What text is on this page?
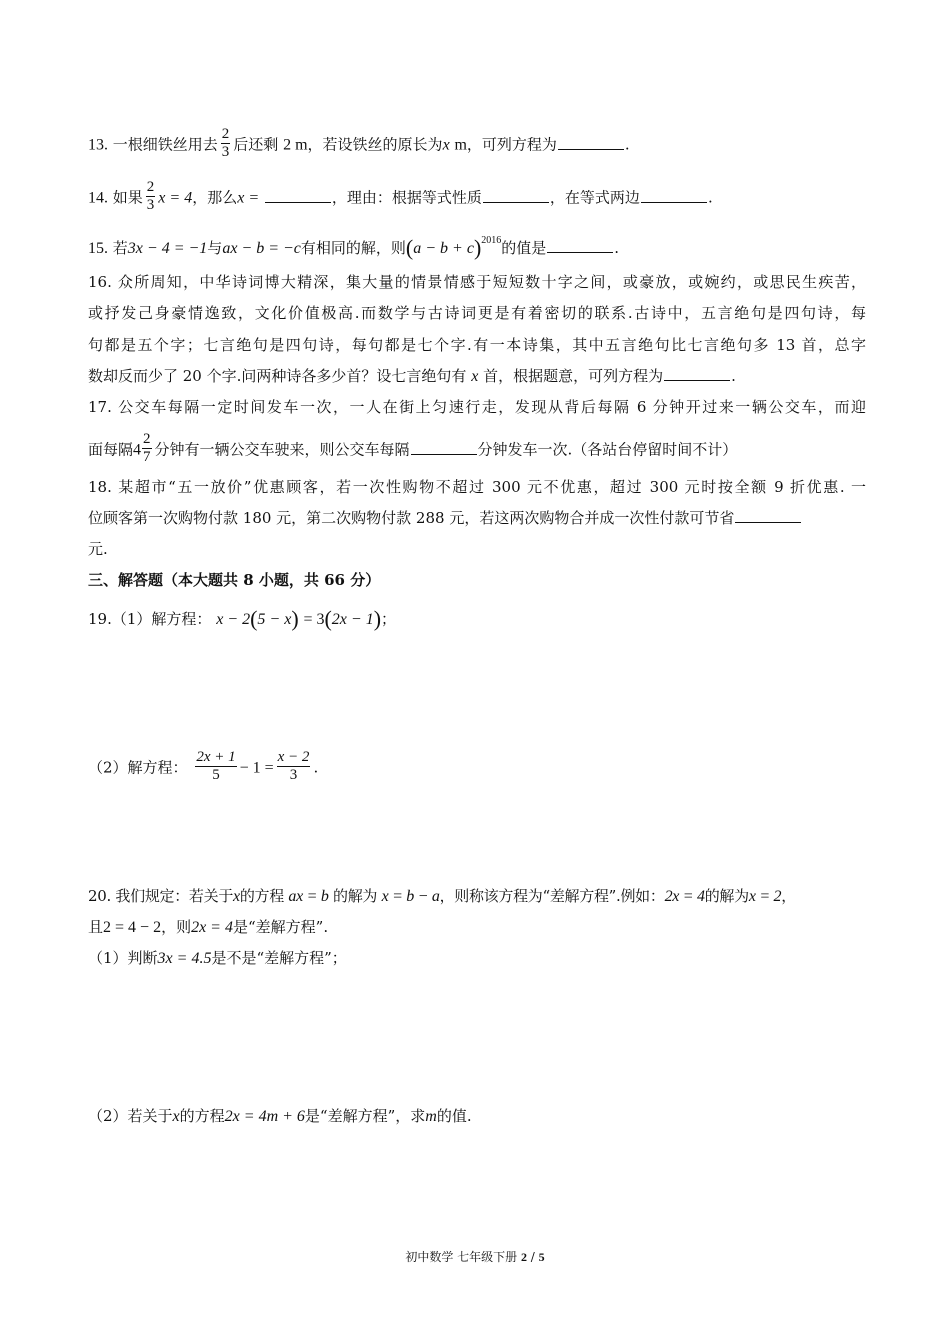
13. 一根细铁丝用去 $\frac{2}{3}$ 后还剩 2 m，若设铁丝的原长为x m，可列方程为	.
14. 如果 $\frac{2}{3}$ x = 4，那么x =	，理由：根据等式性质	，在等式两边	.
15. 若3x − 4 = −1与ax − b = −c有相同的解，则$(a - b + c)^{2016}$的值是	.
16. 众所周知，中华诗词博大精深，集大量的情景情感于短短数十字之间，或豪放，或婉约，或思民生疾苦，
或抒发己身豪情逸致，文化价值极高.而数学与古诗词更是有着密切的联系.古诗中，五言绝句是四句诗，每
句都是五个字；七言绝句是四句诗，每句都是七个字.有一本诗集，其中五言绝句比七言绝句多 13 首，总字
数却反而少了 20 个字.问两种诗各多少首？设七言绝句有 x 首，根据题意，可列方程为	.
17. 公交车每隔一定时间发车一次，一人在街上匀速行走，发现从背后每隔 6 分钟开过来一辆公交车，而迎
面每隔$4 \frac{2}{7}$ 分钟有一辆公交车驶来，则公交车每隔	分钟发车一次.（各站台停留时间不计）
18. 某超市“五一放价”优惠顾客，若一次性购物不超过 300 元不优惠，超过 300 元时按全额 9 折优惠. 一
位顾客第一次购物付款 180 元，第二次购物付款 288 元，若这两次购物合并成一次性付款可节省
元.
三、解答题（本大题共 8 小题，共 66 分）
19.（1）解方程： x − 2(5 − x) = 3(2x − 1)；
（2）解方程： $\frac{2x + 1}{5} - 1 = \frac{x - 2}{3}$ .
20. 我们规定：若关于x的方程 ax = b 的解为 x = b − a，则称该方程为“差解方程”.例如：2x = 4的解为x = 2，
且2 = 4 − 2，则2x = 4是“差解方程”.
（1）判断3x = 4.5是不是“差解方程”；
（2）若关于x的方程2x = 4m + 6是“差解方程”，求m的值.
初中数学 七年级下册 2 / 5
